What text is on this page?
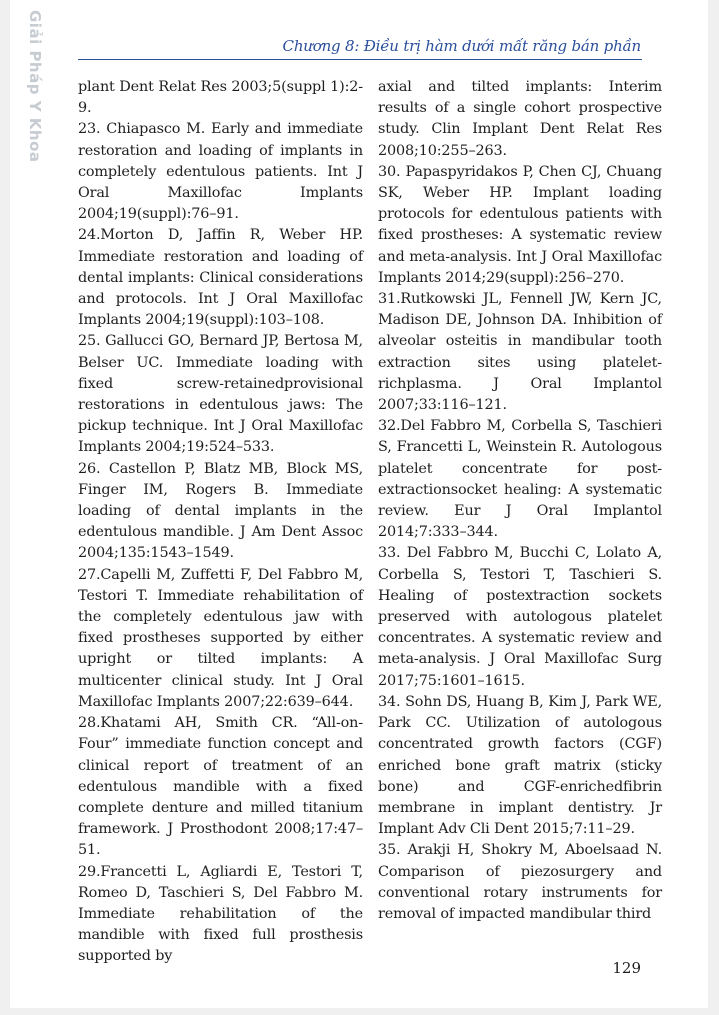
Giải Pháp Y Khoa	Chương 8: Điều trị hàm dưới mất răng bán phần

plant Dent Relat Res 2003;5(suppl 1):2-9.

23. Chiapasco M. Early and immediate restoration and loading of implants in completely edentulous patients. Int J Oral Maxillofac Implants 2004;19(suppl):76–91.

24.Morton D, Jaffin R, Weber HP. Immediate restoration and loading of dental implants: Clinical considerations and protocols. Int J Oral Maxillofac Implants 2004;19(suppl):103–108.

25. Gallucci GO, Bernard JP, Bertosa M, Belser UC. Immediate loading with fixed screw-retainedprovisional restorations in edentulous jaws: The pickup technique. Int J Oral Maxillofac Implants 2004;19:524–533.

26. Castellon P, Blatz MB, Block MS, Finger IM, Rogers B. Immediate loading of dental implants in the edentulous mandible. J Am Dent Assoc 2004;135:1543–1549.

27.Capelli M, Zuffetti F, Del Fabbro M, Testori T. Immediate rehabilitation of the completely edentulous jaw with fixed prostheses supported by either upright or tilted implants: A multicenter clinical study. Int J Oral Maxillofac Implants 2007;22:639–644.

28.Khatami AH, Smith CR. “All-on-Four” immediate function concept and clinical report of treatment of an edentulous mandible with a fixed complete denture and milled titanium framework. J Prosthodont 2008;17:47–51.

29.Francetti L, Agliardi E, Testori T, Romeo D, Taschieri S, Del Fabbro M. Immediate rehabilitation of the mandible with fixed full prosthesis supported by

axial and tilted implants: Interim results of a single cohort prospective study. Clin Implant Dent Relat Res 2008;10:255–263.

30. Papaspyridakos P, Chen CJ, Chuang SK, Weber HP. Implant loading protocols for edentulous patients with fixed prostheses: A systematic review and meta-analysis. Int J Oral Maxillofac Implants 2014;29(suppl):256–270.

31.Rutkowski JL, Fennell JW, Kern JC, Madison DE, Johnson DA. Inhibition of alveolar osteitis in mandibular tooth extraction sites using platelet-richplasma. J Oral Implantol 2007;33:116–121.

32.Del Fabbro M, Corbella S, Taschieri S, Francetti L, Weinstein R. Autologous platelet concentrate for post-extractionsocket healing: A systematic review. Eur J Oral Implantol 2014;7:333–344.

33. Del Fabbro M, Bucchi C, Lolato A, Corbella S, Testori T, Taschieri S. Healing of postextraction sockets preserved with autologous platelet concentrates. A systematic review and meta-analysis. J Oral Maxillofac Surg 2017;75:1601–1615.

34. Sohn DS, Huang B, Kim J, Park WE, Park CC. Utilization of autologous concentrated growth factors (CGF) enriched bone graft matrix (sticky bone) and CGF-enrichedfibrin membrane in implant dentistry. Jr Implant Adv Cli Dent 2015;7:11–29.

35. Arakji H, Shokry M, Aboelsaad N. Comparison of piezosurgery and conventional rotary instruments for removal of impacted mandibular third

129
